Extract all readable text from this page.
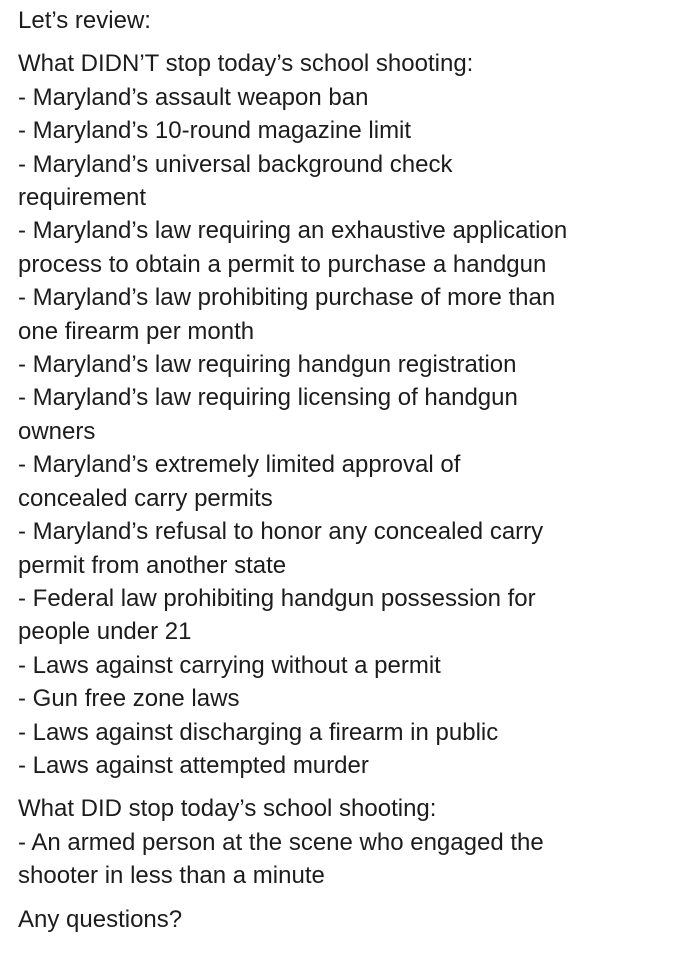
Let’s review:

What DIDN’T stop today’s school shooting:
- Maryland’s assault weapon ban
- Maryland’s 10-round magazine limit
- Maryland’s universal background check
requirement
- Maryland’s law requiring an exhaustive application
process to obtain a permit to purchase a handgun
- Maryland’s law prohibiting purchase of more than
one firearm per month
- Maryland’s law requiring handgun registration
- Maryland’s law requiring licensing of handgun
owners
- Maryland’s extremely limited approval of
concealed carry permits
- Maryland’s refusal to honor any concealed carry
permit from another state
- Federal law prohibiting handgun possession for
people under 21
- Laws against carrying without a permit
- Gun free zone laws
- Laws against discharging a firearm in public
- Laws against attempted murder
What DID stop today’s school shooting:
- An armed person at the scene who engaged the
shooter in less than a minute

Any questions?
